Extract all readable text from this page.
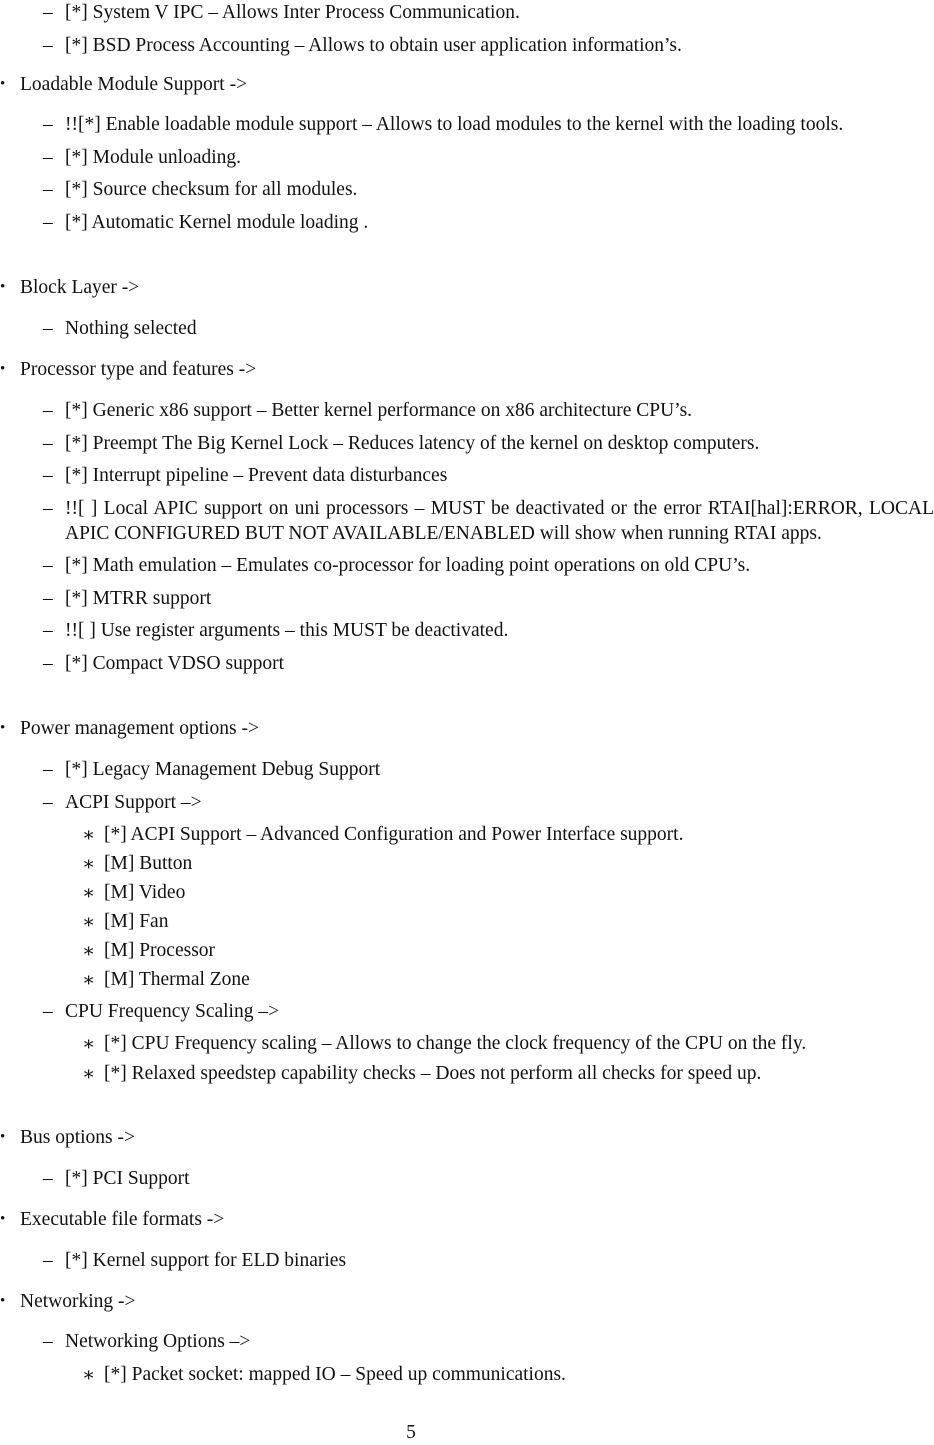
– [*] System V IPC – Allows Inter Process Communication.
– [*] BSD Process Accounting – Allows to obtain user application information’s.
• Loadable Module Support ->
– !![*] Enable loadable module support – Allows to load modules to the kernel with the loading tools.
– [*] Module unloading.
– [*] Source checksum for all modules.
– [*] Automatic Kernel module loading .
• Block Layer ->
– Nothing selected
• Processor type and features ->
– [*] Generic x86 support – Better kernel performance on x86 architecture CPU’s.
– [*] Preempt The Big Kernel Lock – Reduces latency of the kernel on desktop computers.
– [*] Interrupt pipeline – Prevent data disturbances
– !![ ] Local APIC support on uni processors – MUST be deactivated or the error RTAI[hal]:ERROR, LOCAL APIC CONFIGURED BUT NOT AVAILABLE/ENABLED will show when running RTAI apps.
– [*] Math emulation – Emulates co-processor for loading point operations on old CPU’s.
– [*] MTRR support
– !![ ] Use register arguments – this MUST be deactivated.
– [*] Compact VDSO support
• Power management options ->
– [*] Legacy Management Debug Support
– ACPI Support –>
∗ [*] ACPI Support – Advanced Configuration and Power Interface support.
∗ [M] Button
∗ [M] Video
∗ [M] Fan
∗ [M] Processor
∗ [M] Thermal Zone
– CPU Frequency Scaling –>
∗ [*] CPU Frequency scaling – Allows to change the clock frequency of the CPU on the fly.
∗ [*] Relaxed speedstep capability checks – Does not perform all checks for speed up.
• Bus options ->
– [*] PCI Support
• Executable file formats ->
– [*] Kernel support for ELD binaries
• Networking ->
– Networking Options –>
∗ [*] Packet socket: mapped IO – Speed up communications.
5
